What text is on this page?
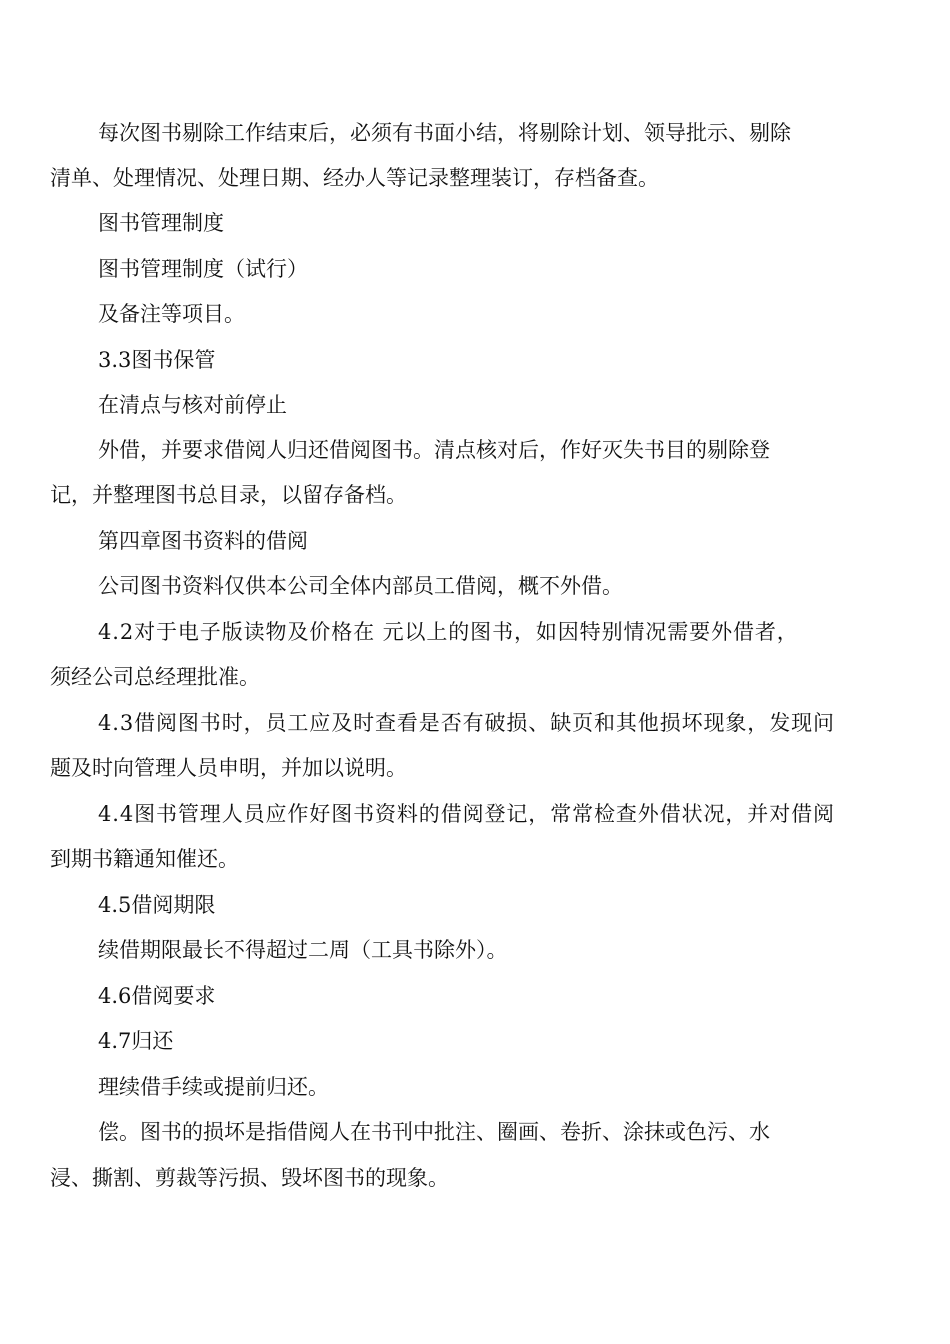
每次图书剔除工作结束后，必须有书面小结，将剔除计划、领导批示、剔除
清单、处理情况、处理日期、经办人等记录整理装订，存档备查。
图书管理制度
图书管理制度（试行）
及备注等项目。
3.3图书保管
在清点与核对前停止
外借，并要求借阅人归还借阅图书。清点核对后，作好灭失书目的剔除登
记，并整理图书总目录，以留存备档。
第四章图书资料的借阅
公司图书资料仅供本公司全体内部员工借阅，概不外借。
4.2对于电子版读物及价格在 元以上的图书，如因特别情况需要外借者，
须经公司总经理批准。
4.3借阅图书时，员工应及时查看是否有破损、缺页和其他损坏现象，发现问
题及时向管理人员申明，并加以说明。
4.4图书管理人员应作好图书资料的借阅登记，常常检查外借状况，并对借阅
到期书籍通知催还。
4.5借阅期限
续借期限最长不得超过二周（工具书除外）。
4.6借阅要求
4.7归还
理续借手续或提前归还。
偿。图书的损坏是指借阅人在书刊中批注、圈画、卷折、涂抹或色污、水
浸、撕割、剪裁等污损、毁坏图书的现象。
